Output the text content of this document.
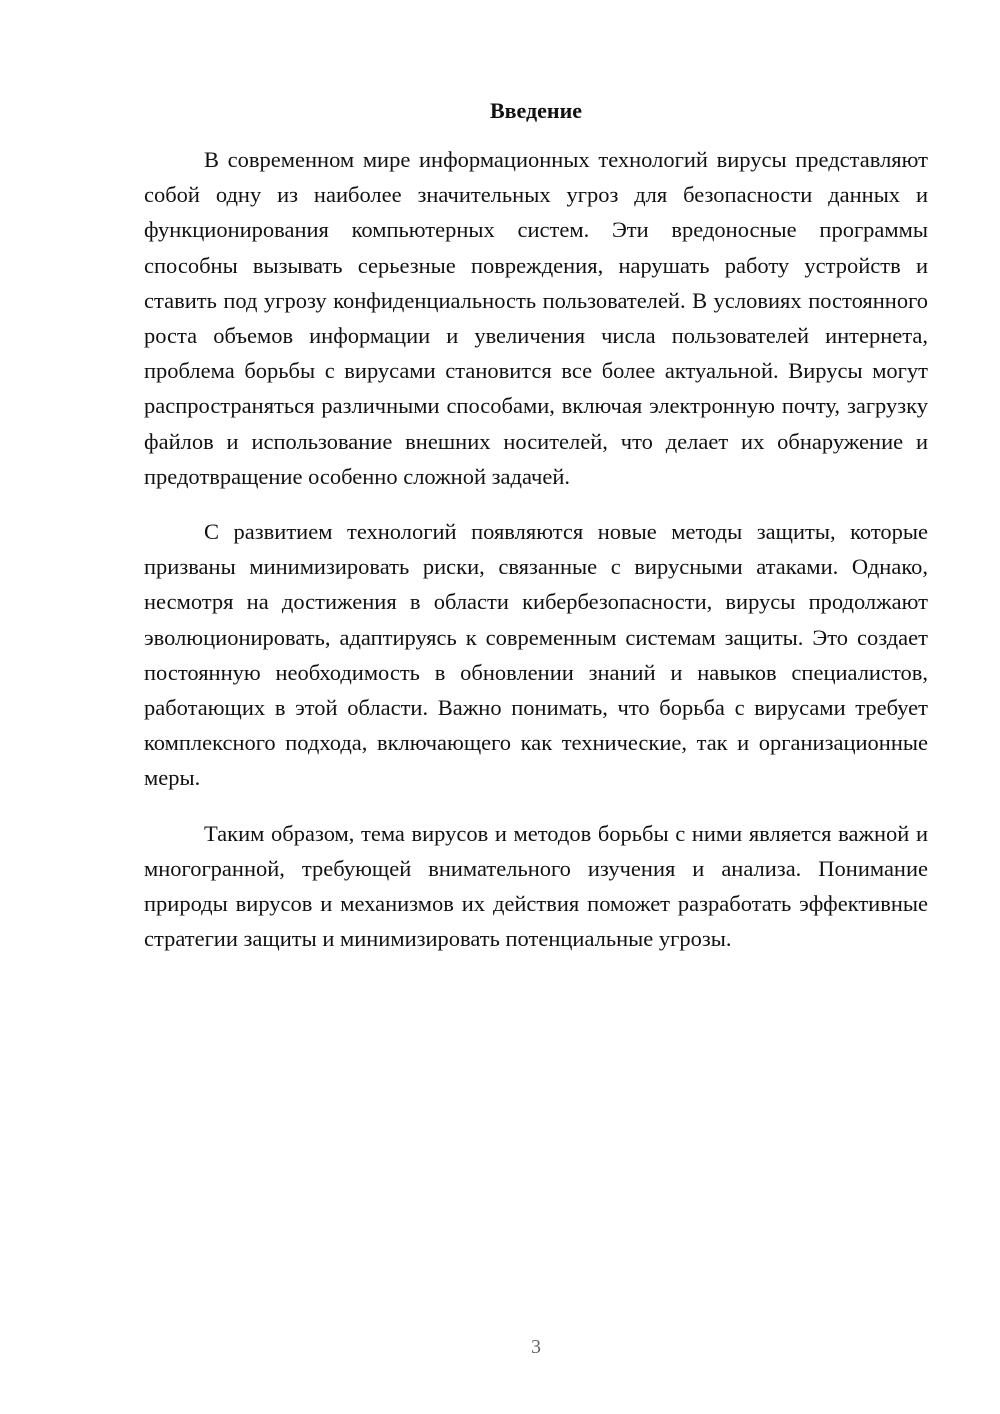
Введение

В современном мире информационных технологий вирусы представляют собой одну из наиболее значительных угроз для безопасности данных и функционирования компьютерных систем. Эти вредоносные программы способны вызывать серьезные повреждения, нарушать работу устройств и ставить под угрозу конфиденциальность пользователей. В условиях постоянного роста объемов информации и увеличения числа пользователей интернета, проблема борьбы с вирусами становится все более актуальной. Вирусы могут распространяться различными способами, включая электронную почту, загрузку файлов и использование внешних носителей, что делает их обнаружение и предотвращение особенно сложной задачей.

С развитием технологий появляются новые методы защиты, которые призваны минимизировать риски, связанные с вирусными атаками. Однако, несмотря на достижения в области кибербезопасности, вирусы продолжают эволюционировать, адаптируясь к современным системам защиты. Это создает постоянную необходимость в обновлении знаний и навыков специалистов, работающих в этой области. Важно понимать, что борьба с вирусами требует комплексного подхода, включающего как технические, так и организационные меры.

Таким образом, тема вирусов и методов борьбы с ними является важной и многогранной, требующей внимательного изучения и анализа. Понимание природы вирусов и механизмов их действия поможет разработать эффективные стратегии защиты и минимизировать потенциальные угрозы.

3
